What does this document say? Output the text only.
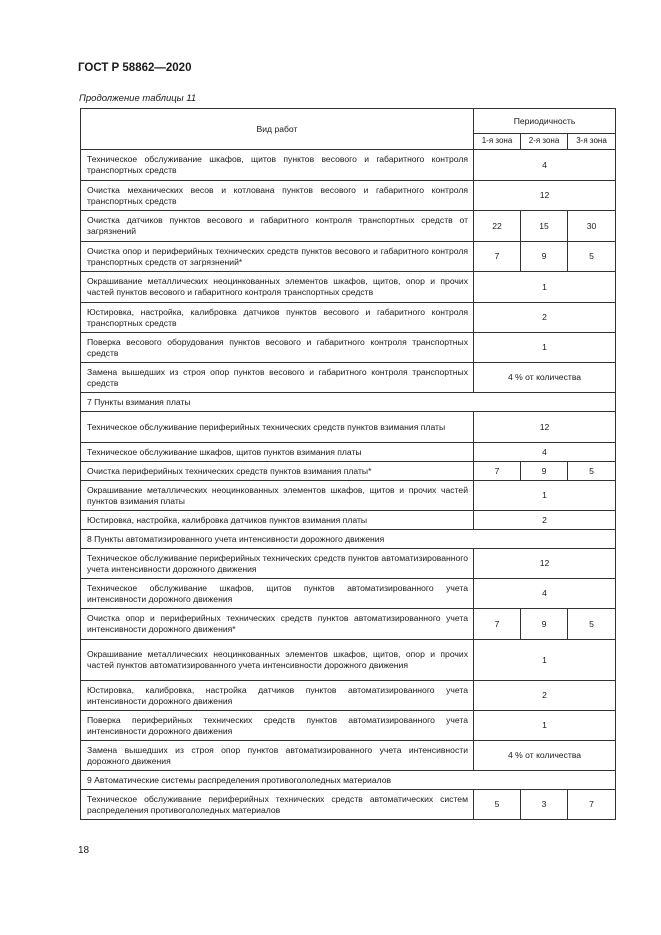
ГОСТ Р 58862—2020
Продолжение таблицы 11
Вид работ	Периодичность		
	1-я зона	2-я зона	3-я зона
Техническое обслуживание шкафов, щитов пунктов весового и габаритного контроля транспортных средств	4		
Очистка механических весов и котлована пунктов весового и габаритного контроля транспортных средств	12		
Очистка датчиков пунктов весового и габаритного контроля транспортных средств от загрязнений	22	15	30
Очистка опор и периферийных технических средств пунктов весового и габаритного контроля транспортных средств от загрязнений*	7	9	5
Окрашивание металлических неоцинкованных элементов шкафов, щитов, опор и прочих частей пунктов весового и габаритного контроля транспортных средств	1		
Юстировка, настройка, калибровка датчиков пунктов весового и габаритного контроля транспортных средств	2		
Поверка весового оборудования пунктов весового и габаритного контроля транспортных средств	1		
Замена вышедших из строя опор пунктов весового и габаритного контроля транспортных средств	4 % от количества		
7 Пункты взимания платы			
Техническое обслуживание периферийных технических средств пунктов взимания платы	12		
Техническое обслуживание шкафов, щитов пунктов взимания платы	4		
Очистка периферийных технических средств пунктов взимания платы*	7	9	5
Окрашивание металлических неоцинкованных элементов шкафов, щитов и прочих частей пунктов взимания платы	1		
Юстировка, настройка, калибровка датчиков пунктов взимания платы	2		
8 Пункты автоматизированного учета интенсивности дорожного движения			
Техническое обслуживание периферийных технических средств пунктов автоматизированного учета интенсивности дорожного движения	12		
Техническое обслуживание шкафов, щитов пунктов автоматизированного учета интенсивности дорожного движения	4		
Очистка опор и периферийных технических средств пунктов автоматизированного учета интенсивности дорожного движения*	7	9	5
Окрашивание металлических неоцинкованных элементов шкафов, щитов, опор и прочих частей пунктов автоматизированного учета интенсивности дорожного движения	1		
Юстировка, калибровка, настройка датчиков пунктов автоматизированного учета интенсивности дорожного движения	2		
Поверка периферийных технических средств пунктов автоматизированного учета интенсивности дорожного движения	1		
Замена вышедших из строя опор пунктов автоматизированного учета интенсивности дорожного движения	4 % от количества		
9 Автоматические системы распределения противогололедных материалов			
Техническое обслуживание периферийных технических средств автоматических систем распределения противогололедных материалов	5	3	7
18
